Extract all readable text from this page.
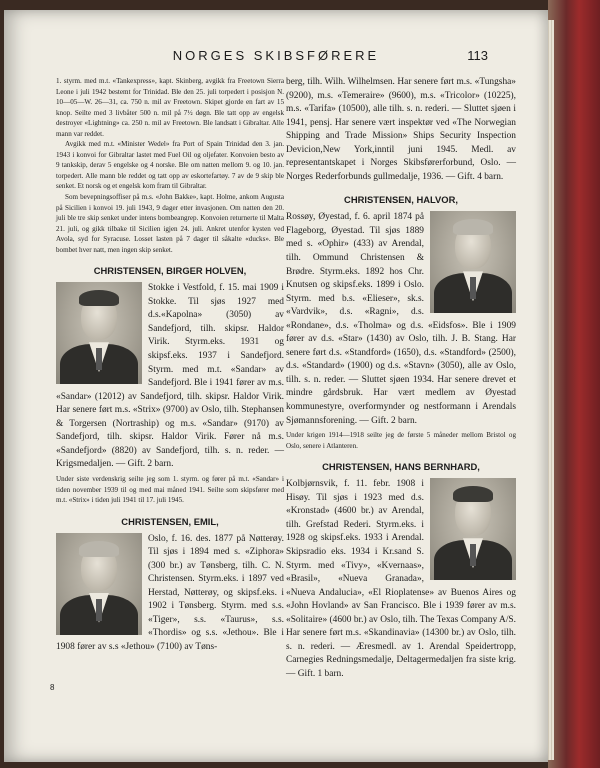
NORGES SKIBSFØRERE	113

1. styrm. med m.t. «Tankexpress», kapt. Skinberg, avgikk fra Freetown Sierra Leone i juli 1942 bestemt for Trinidad. Ble den 25. juli torpedert i posisjon N. 10—05—W. 26—31, ca. 750 n. mil av Freetown. Skipet gjorde en fart av 15 knop. Seilte med 3 livbåter 500 n. mil på 7½ døgn. Ble tatt opp av engelsk destroyer «Lightning» ca. 250 n. mil av Freetown. Ble landsatt i Gibraltar. Alle mann var reddet.

Avgikk med m.t. «Minister Wedel» fra Port of Spain Trinidad den 3. jan. 1943 i konvoi for Gibraltar lastet med Fuel Oil og oljefater. Konvoien besto av 9 tankskip, derav 5 engelske og 4 norske. Ble om natten mellom 9. og 10. jan. torpedert. Alle mann ble reddet og tatt opp av eskortefartøy. 7 av de 9 skip ble senket. Et norsk og et engelsk kom fram til Gibraltar.

Som bevepningsoffiser på m.s. «John Bakke», kapt. Holme, ankom Augusta på Sicilien i konvoi 19. juli 1943, 9 dager etter invasjonen. Om natten den 20. juli ble tre skip senket under intens bombeangrep. Konvoien returnerte til Malta 21. juli, og gikk tilbake til Sicilien igjen 24. juli. Ankret utenfor kysten ved Avola, syd for Syracuse. Losset lasten på 7 dager til såkalte «ducks». Ble bombet hver natt, men ingen skip senket.

CHRISTENSEN, BIRGER HOLVEN,

Stokke i Vestfold, f. 15. mai 1909 i Stokke. Til sjøs 1927 med d.s.«Kapolna» (3050) av Sandefjord, tilh. skipsr. Haldor Virik. Styrm.eks. 1931 og skipsf.eks. 1937 i Sandefjord. Styrm. med m.t. «Sandar» av Sandefjord. Ble i 1941 fører av m.s. «Sandar» (12012) av Sandefjord, tilh. skipsr. Haldor Virik. Har senere ført m.s. «Strix» (9700) av Oslo, tilh. Stephansen & Torgersen (Nortraship) og m.s. «Sandar» (9170) av Sandefjord, tilh. skipsr. Haldor Virik. Fører nå m.s. «Sandefjord» (8820) av Sandefjord, tilh. s. n. reder. — Krigsmedaljen. — Gift. 2 barn.

Under siste verdenskrig seilte jeg som 1. styrm. og fører på m.t. «Sandar» i tiden november 1939 til og med mai måned 1941. Seilte som skipsfører med m.t. «Strix» i tiden juli 1941 til 17. juli 1945.

CHRISTENSEN, EMIL,

Oslo, f. 16. des. 1877 på Nøtterøy. Til sjøs i 1894 med s. «Ziphora» (300 br.) av Tønsberg, tilh. C. N. Christensen. Styrm.eks. i 1897 ved Herstad, Nøtterøy, og skipsf.eks. i 1902 i Tønsberg. Styrm. med s.s. «Tiger», s.s. «Taurus», s.s. «Thordis» og s.s. «Jethou». Ble i 1908 fører av s.s «Jethou» (7100) av Tøns-

8

berg, tilh. Wilh. Wilhelmsen. Har senere ført m.s. «Tungsha» (9200), m.s. «Temeraire» (9600), m.s. «Tricolor» (10225), m.s. «Tarifa» (10500), alle tilh. s. n. rederi. — Sluttet sjøen i 1941, pensj. Har senere vært inspektør ved «The Norwegian Shipping and Trade Mission» Ships Security Inspection Devicion,New York,inntil juni 1945. Medl. av representantskapet i Norges Skibsførerforbund, Oslo. — Norges Rederforbunds gullmedalje, 1936. — Gift. 4 barn.

CHRISTENSEN, HALVOR,

Rossøy, Øyestad, f. 6. april 1874 på Flageborg, Øyestad. Til sjøs 1889 med s. «Ophir» (433) av Arendal, tilh. Ommund Christensen & Brødre. Styrm.eks. 1892 hos Chr. Knutsen og skipsf.eks. 1899 i Oslo. Styrm. med b.s. «Elieser», sk.s. «Vardvik», d.s. «Ragni», d.s. «Rondane», d.s. «Tholma» og d.s. «Eidsfos». Ble i 1909 fører av d.s. «Star» (1430) av Oslo, tilh. J. B. Stang. Har senere ført d.s. «Standford» (1650), d.s. «Standford» (2500), d.s. «Standard» (1900) og d.s. «Stavn» (3050), alle av Oslo, tilh. s. n. reder. — Sluttet sjøen 1934. Har senere drevet et mindre gårdsbruk. Har vært medlem av Øyestad kommunestyre, overformynder og nestformann i Arendals Sjømannsforening. — Gift. 2 barn.

Under krigen 1914—1918 seilte jeg de første 5 måneder mellom Bristol og Oslo, senere i Atlanteren.

CHRISTENSEN, HANS BERNHARD,

Kolbjørnsvik, f. 11. febr. 1908 i Hisøy. Til sjøs i 1923 med d.s. «Kronstad» (4600 br.) av Arendal, tilh. Grefstad Rederi. Styrm.eks. i 1928 og skipsf.eks. 1933 i Arendal. Skipsradio eks. 1934 i Kr.sand S. Styrm. med «Tivy», «Kvernaas», «Brasil», «Nueva Granada», «Nueva Andalucia», «El Rioplatense» av Buenos Aires og «John Hovland» av San Francisco. Ble i 1939 fører av m.s. «Solitaire» (4600 br.) av Oslo, tilh. The Texas Company A/S. Har senere ført m.s. «Skandinavia» (14300 br.) av Oslo, tilh. s. n. rederi. — Æresmedl. av 1. Arendal Speidertropp, Carnegies Redningsmedalje, Deltagermedaljen fra siste krig. — Gift. 1 barn.
